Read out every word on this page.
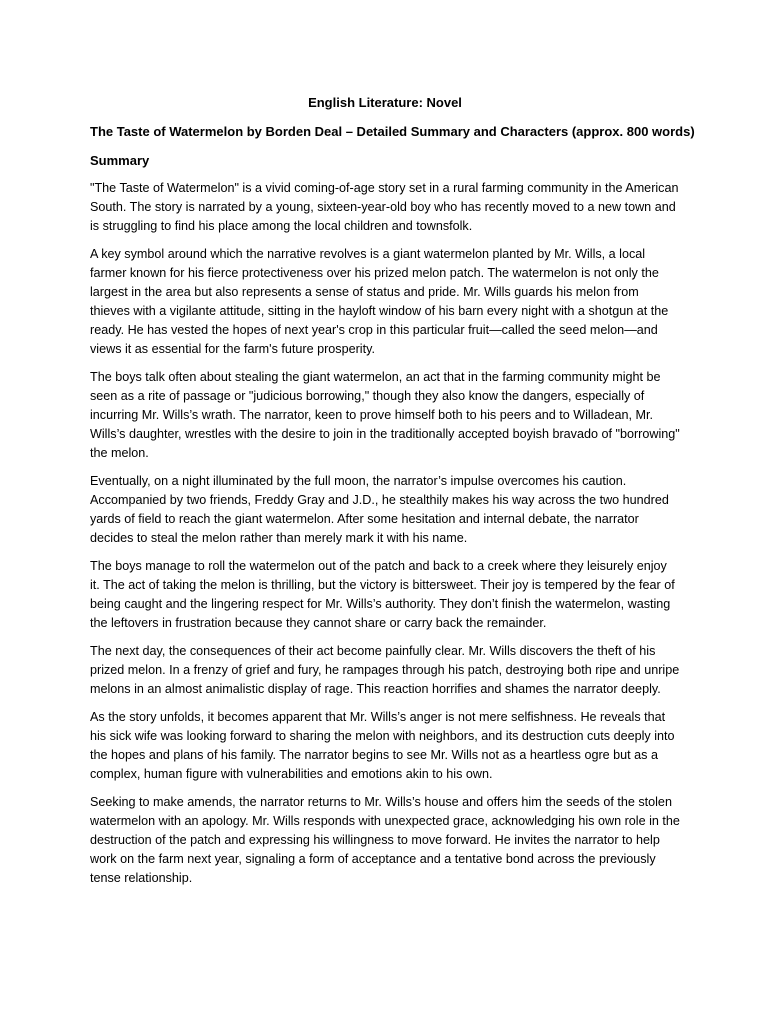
English Literature: Novel
The Taste of Watermelon by Borden Deal – Detailed Summary and Characters (approx. 800 words)
Summary

"The Taste of Watermelon" is a vivid coming-of-age story set in a rural farming community in the American South. The story is narrated by a young, sixteen-year-old boy who has recently moved to a new town and is struggling to find his place among the local children and townsfolk.

A key symbol around which the narrative revolves is a giant watermelon planted by Mr. Wills, a local farmer known for his fierce protectiveness over his prized melon patch. The watermelon is not only the largest in the area but also represents a sense of status and pride. Mr. Wills guards his melon from thieves with a vigilante attitude, sitting in the hayloft window of his barn every night with a shotgun at the ready. He has vested the hopes of next year's crop in this particular fruit—called the seed melon—and views it as essential for the farm's future prosperity.

The boys talk often about stealing the giant watermelon, an act that in the farming community might be seen as a rite of passage or "judicious borrowing," though they also know the dangers, especially of incurring Mr. Wills’s wrath. The narrator, keen to prove himself both to his peers and to Willadean, Mr. Wills’s daughter, wrestles with the desire to join in the traditionally accepted boyish bravado of "borrowing" the melon.

Eventually, on a night illuminated by the full moon, the narrator’s impulse overcomes his caution. Accompanied by two friends, Freddy Gray and J.D., he stealthily makes his way across the two hundred yards of field to reach the giant watermelon. After some hesitation and internal debate, the narrator decides to steal the melon rather than merely mark it with his name.

The boys manage to roll the watermelon out of the patch and back to a creek where they leisurely enjoy it. The act of taking the melon is thrilling, but the victory is bittersweet. Their joy is tempered by the fear of being caught and the lingering respect for Mr. Wills’s authority. They don’t finish the watermelon, wasting the leftovers in frustration because they cannot share or carry back the remainder.

The next day, the consequences of their act become painfully clear. Mr. Wills discovers the theft of his prized melon. In a frenzy of grief and fury, he rampages through his patch, destroying both ripe and unripe melons in an almost animalistic display of rage. This reaction horrifies and shames the narrator deeply.

As the story unfolds, it becomes apparent that Mr. Wills’s anger is not mere selfishness. He reveals that his sick wife was looking forward to sharing the melon with neighbors, and its destruction cuts deeply into the hopes and plans of his family. The narrator begins to see Mr. Wills not as a heartless ogre but as a complex, human figure with vulnerabilities and emotions akin to his own.

Seeking to make amends, the narrator returns to Mr. Wills’s house and offers him the seeds of the stolen watermelon with an apology. Mr. Wills responds with unexpected grace, acknowledging his own role in the destruction of the patch and expressing his willingness to move forward. He invites the narrator to help work on the farm next year, signaling a form of acceptance and a tentative bond across the previously tense relationship.
